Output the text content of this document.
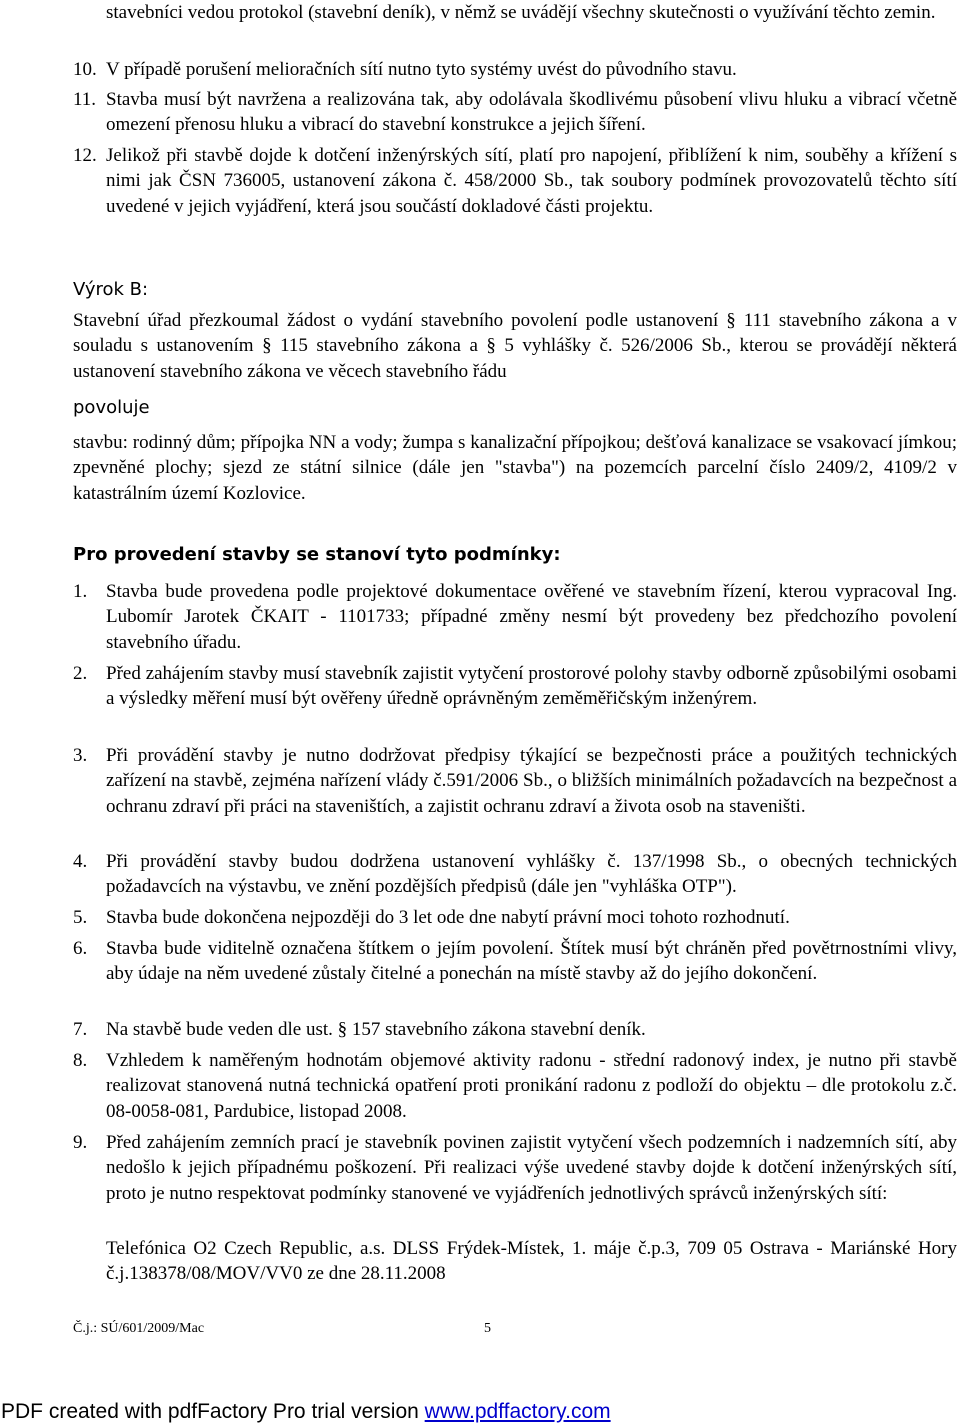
stavebníci vedou protokol (stavební deník), v němž se uvádějí všechny skutečnosti o využívání těchto zemin.

10. V případě porušení melioračních sítí nutno tyto systémy uvést do původního stavu.
11. Stavba musí být navržena a realizována tak, aby odolávala škodlivému působení vlivu hluku a vibrací včetně omezení přenosu hluku a vibrací do stavební konstrukce a jejich šíření.
12. Jelikož při stavbě dojde k dotčení inženýrských sítí, platí pro napojení, přiblížení k nim, souběhy a křížení s nimi jak ČSN 736005, ustanovení zákona č. 458/2000 Sb., tak soubory podmínek provozovatelů těchto sítí uvedené v jejich vyjádření, která jsou součástí dokladové části projektu.

Výrok B:

Stavební úřad přezkoumal žádost o vydání stavebního povolení podle ustanovení § 111 stavebního zákona a v souladu s ustanovením § 115 stavebního zákona a § 5 vyhlášky č. 526/2006 Sb., kterou se provádějí některá ustanovení stavebního zákona ve věcech stavebního řádu

povoluje

stavbu: rodinný dům; přípojka NN a vody; žumpa s kanalizační přípojkou; dešťová kanalizace se vsakovací jímkou; zpevněné plochy; sjezd ze státní silnice (dále jen "stavba") na pozemcích parcelní číslo 2409/2, 4109/2 v katastrálním území Kozlovice.

Pro provedení stavby se stanoví tyto podmínky:

1. Stavba bude provedena podle projektové dokumentace ověřené ve stavebním řízení, kterou vypracoval Ing. Lubomír Jarotek ČKAIT - 1101733; případné změny nesmí být provedeny bez předchozího povolení stavebního úřadu.
2. Před zahájením stavby musí stavebník zajistit vytyčení prostorové polohy stavby odborně způsobilými osobami a výsledky měření musí být ověřeny úředně oprávněným zeměměřičským inženýrem.
3. Při provádění stavby je nutno dodržovat předpisy týkající se bezpečnosti práce a použitých technických zařízení na stavbě, zejména nařízení vlády č.591/2006 Sb., o bližších minimálních požadavcích na bezpečnost a ochranu zdraví při práci na staveništích, a zajistit ochranu zdraví a života osob na staveništi.
4. Při provádění stavby budou dodržena ustanovení vyhlášky č. 137/1998 Sb., o obecných technických požadavcích na výstavbu, ve znění pozdějších předpisů (dále jen "vyhláška OTP").
5. Stavba bude dokončena nejpozději do 3 let ode dne nabytí právní moci tohoto rozhodnutí.
6. Stavba bude viditelně označena štítkem o jejím povolení. Štítek musí být chráněn před povětrnostními vlivy, aby údaje na něm uvedené zůstaly čitelné a ponechán na místě stavby až do jejího dokončení.
7. Na stavbě bude veden dle ust. § 157 stavebního zákona stavební deník.
8. Vzhledem k naměřeným hodnotám objemové aktivity radonu - střední radonový index, je nutno při stavbě realizovat stanovená nutná technická opatření proti pronikání radonu z podloží do objektu – dle protokolu z.č. 08-0058-081, Pardubice, listopad 2008.
9. Před zahájením zemních prací je stavebník povinen zajistit vytyčení všech podzemních i nadzemních sítí, aby nedošlo k jejich případnému poškození. Při realizaci výše uvedené stavby dojde k dotčení inženýrských sítí, proto je nutno respektovat podmínky stanovené ve vyjádřeních jednotlivých správců inženýrských sítí:

Telefónica O2 Czech Republic, a.s. DLSS Frýdek-Místek, 1. máje č.p.3, 709 05 Ostrava - Mariánské Hory č.j.138378/08/MOV/VV0 ze dne 28.11.2008

Č.j.: SÚ/601/2009/Mac	5
PDF created with pdfFactory Pro trial version www.pdffactory.com
